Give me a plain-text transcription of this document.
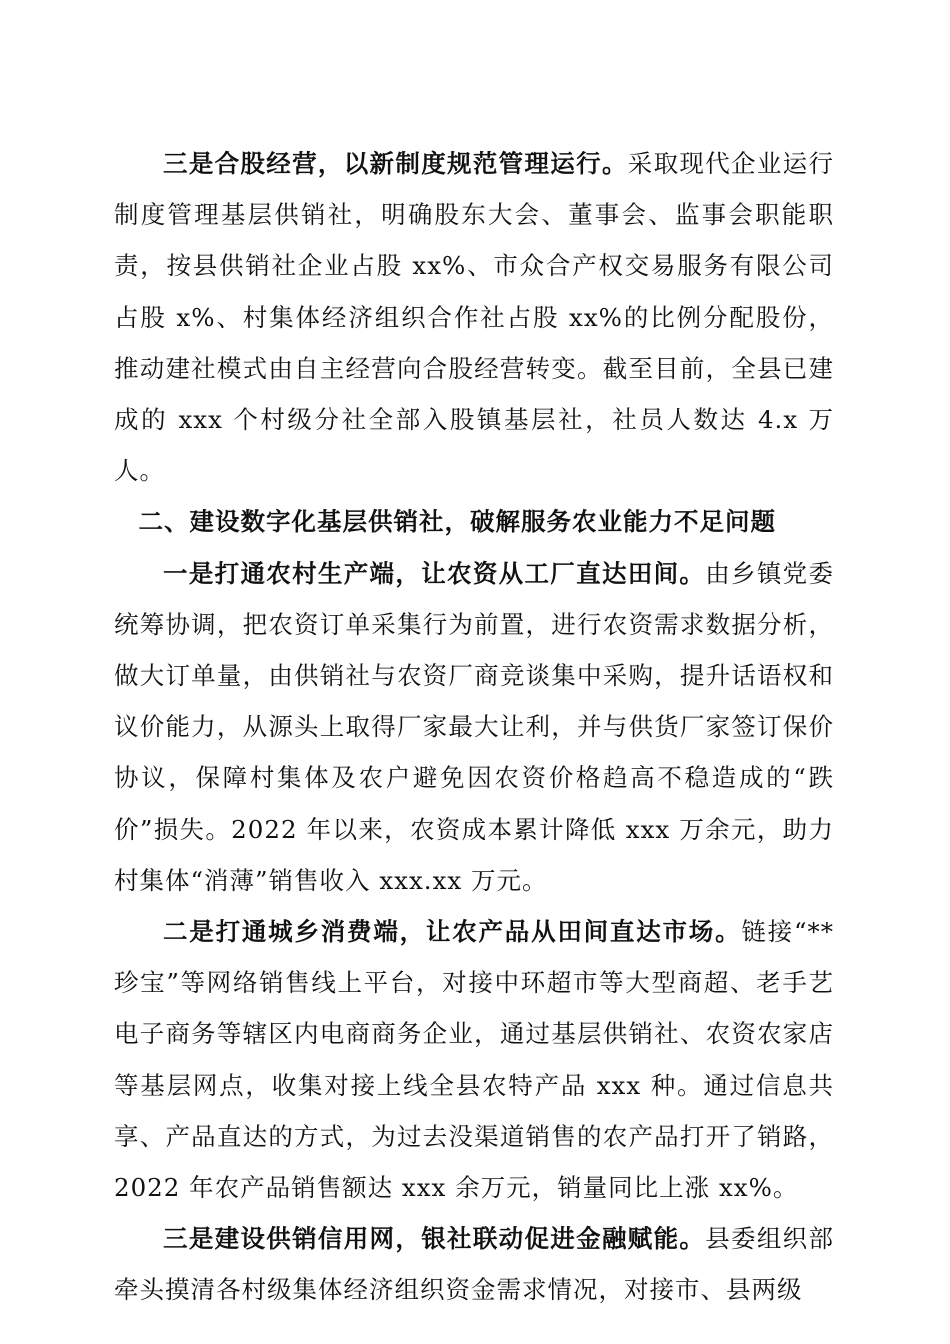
三是合股经营，以新制度规范管理运行。采取现代企业运行制度管理基层供销社，明确股东大会、董事会、监事会职能职责，按县供销社企业占股 xx%、市众合产权交易服务有限公司占股 x%、村集体经济组织合作社占股 xx%的比例分配股份，推动建社模式由自主经营向合股经营转变。截至目前，全县已建成的 xxx 个村级分社全部入股镇基层社，社员人数达 4.x 万人。

二、建设数字化基层供销社，破解服务农业能力不足问题

一是打通农村生产端，让农资从工厂直达田间。由乡镇党委统筹协调，把农资订单采集行为前置，进行农资需求数据分析，做大订单量，由供销社与农资厂商竞谈集中采购，提升话语权和议价能力，从源头上取得厂家最大让利，并与供货厂家签订保价协议，保障村集体及农户避免因农资价格趋高不稳造成的“跌价”损失。2022 年以来，农资成本累计降低 xxx 万余元，助力村集体“消薄”销售收入 xxx.xx 万元。

二是打通城乡消费端，让农产品从田间直达市场。链接“**珍宝”等网络销售线上平台，对接中环超市等大型商超、老手艺电子商务等辖区内电商商务企业，通过基层供销社、农资农家店等基层网点，收集对接上线全县农特产品 xxx 种。通过信息共享、产品直达的方式，为过去没渠道销售的农产品打开了销路，2022 年农产品销售额达 xxx 余万元，销量同比上涨 xx%。

三是建设供销信用网，银社联动促进金融赋能。县委组织部牵头摸清各村级集体经济组织资金需求情况，对接市、县两级
